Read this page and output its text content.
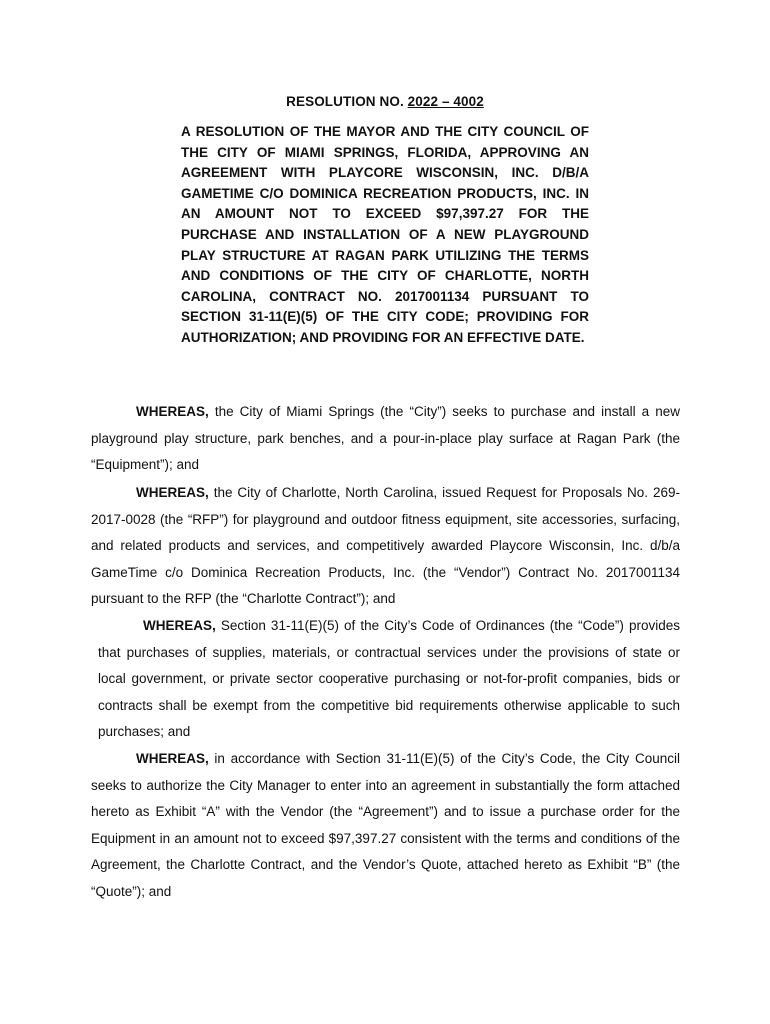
RESOLUTION NO. 2022 – 4002
A RESOLUTION OF THE MAYOR AND THE CITY COUNCIL OF THE CITY OF MIAMI SPRINGS, FLORIDA, APPROVING AN AGREEMENT WITH PLAYCORE WISCONSIN, INC. D/B/A GAMETIME C/O DOMINICA RECREATION PRODUCTS, INC. IN AN AMOUNT NOT TO EXCEED $97,397.27 FOR THE PURCHASE AND INSTALLATION OF A NEW PLAYGROUND PLAY STRUCTURE AT RAGAN PARK UTILIZING THE TERMS AND CONDITIONS OF THE CITY OF CHARLOTTE, NORTH CAROLINA, CONTRACT NO. 2017001134 PURSUANT TO SECTION 31-11(E)(5) OF THE CITY CODE; PROVIDING FOR AUTHORIZATION; AND PROVIDING FOR AN EFFECTIVE DATE.
WHEREAS, the City of Miami Springs (the “City”) seeks to purchase and install a new playground play structure, park benches, and a pour-in-place play surface at Ragan Park (the “Equipment”); and
WHEREAS, the City of Charlotte, North Carolina, issued Request for Proposals No. 269-2017-0028 (the “RFP”) for playground and outdoor fitness equipment, site accessories, surfacing, and related products and services, and competitively awarded Playcore Wisconsin, Inc. d/b/a GameTime c/o Dominica Recreation Products, Inc. (the “Vendor”) Contract No. 2017001134 pursuant to the RFP (the “Charlotte Contract”); and
WHEREAS, Section 31-11(E)(5) of the City’s Code of Ordinances (the “Code”) provides that purchases of supplies, materials, or contractual services under the provisions of state or local government, or private sector cooperative purchasing or not-for-profit companies, bids or contracts shall be exempt from the competitive bid requirements otherwise applicable to such purchases; and
WHEREAS, in accordance with Section 31-11(E)(5) of the City’s Code, the City Council seeks to authorize the City Manager to enter into an agreement in substantially the form attached hereto as Exhibit “A” with the Vendor (the “Agreement”) and to issue a purchase order for the Equipment in an amount not to exceed $97,397.27 consistent with the terms and conditions of the Agreement, the Charlotte Contract, and the Vendor’s Quote, attached hereto as Exhibit “B” (the “Quote”); and
